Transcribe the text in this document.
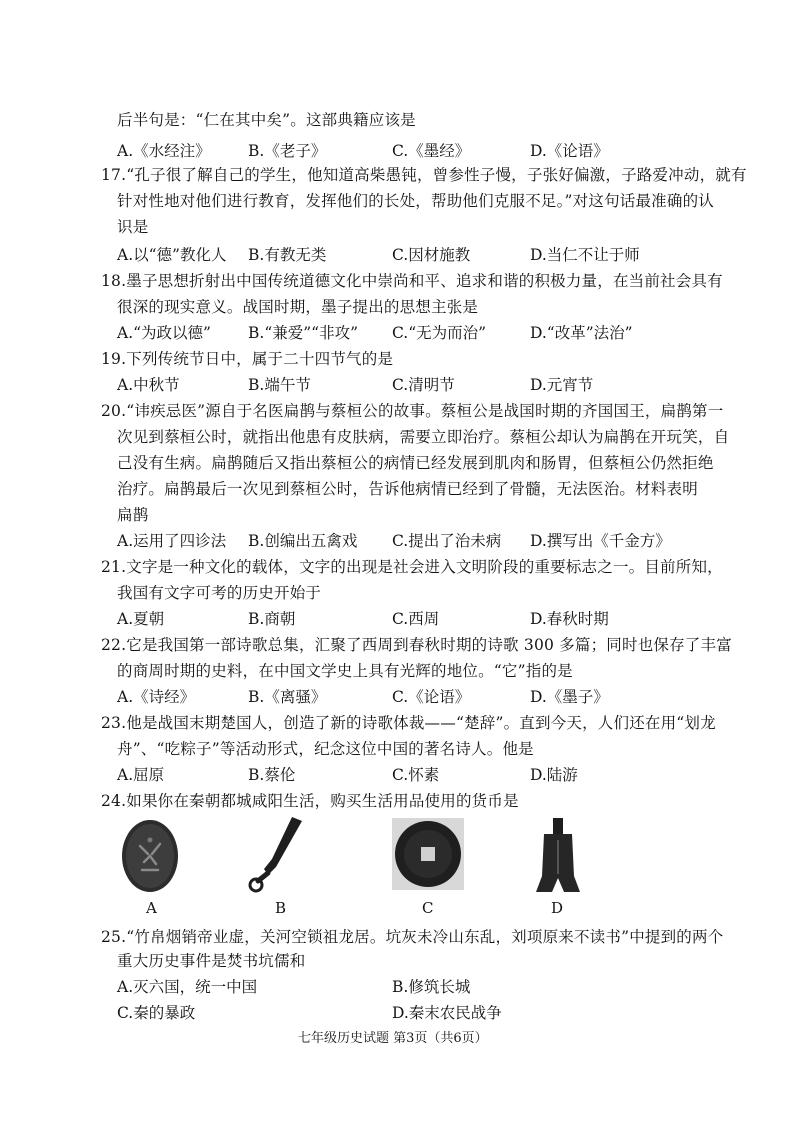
后半句是：“仁在其中矣”。这部典籍应该是
A.《水经注》 B.《老子》	C.《墨经》	D.《论语》
17.“孔子很了解自己的学生，他知道高柴愚钝，曾参性子慢，子张好偏激，子路爱冲动，就有
针对性地对他们进行教育，发挥他们的长处，帮助他们克服不足。”对这句话最准确的认
识是
A.以“德”教化人 B.有教无类	C.因材施教	D.当仁不让于师
18.墨子思想折射出中国传统道德文化中崇尚和平、追求和谐的积极力量，在当前社会具有
很深的现实意义。战国时期，墨子提出的思想主张是
A.“为政以德” B.“兼爱”“非攻” C.“无为而治”	D.“改革”法治”
19.下列传统节日中，属于二十四节气的是
A.中秋节	B.端午节	C.清明节	D.元宵节
20.“讳疾忌医”源自于名医扁鹊与蔡桓公的故事。蔡桓公是战国时期的齐国国王，扁鹊第一
次见到蔡桓公时，就指出他患有皮肤病，需要立即治疗。蔡桓公却认为扁鹊在开玩笑，自
己没有生病。扁鹊随后又指出蔡桓公的病情已经发展到肌肉和肠胃，但蔡桓公仍然拒绝
治疗。扁鹊最后一次见到蔡桓公时，告诉他病情已经到了骨髓，无法医治。材料表明
扁鹊
A.运用了四诊法 B.创编出五禽戏 C.提出了治未病 D.撰写出《千金方》
21.文字是一种文化的载体，文字的出现是社会进入文明阶段的重要标志之一。目前所知，
我国有文字可考的历史开始于
A.夏朝	B.商朝	C.西周	D.春秋时期
22.它是我国第一部诗歌总集，汇聚了西周到春秋时期的诗歌 300 多篇；同时也保存了丰富
的商周时期的史料，在中国文学史上具有光辉的地位。“它”指的是
A.《诗经》	B.《离骚》	C.《论语》	D.《墨子》
23.他是战国末期楚国人，创造了新的诗歌体裁——“楚辞”。直到今天，人们还在用“划龙
舟”、“吃粽子”等活动形式，纪念这位中国的著名诗人。他是
A.屈原	B.蔡伦	C.怀素	D.陆游
24.如果你在秦朝都城咸阳生活，购买生活用品使用的货币是
A	B	C	D
25.“竹帛烟销帝业虚，关河空锁祖龙居。坑灰未冷山东乱，刘项原来不读书”中提到的两个
重大历史事件是焚书坑儒和
A.灭六国，统一中国	B.修筑长城
C.秦的暴政	D.秦末农民战争
七年级历史试题 第3页（共6页）
